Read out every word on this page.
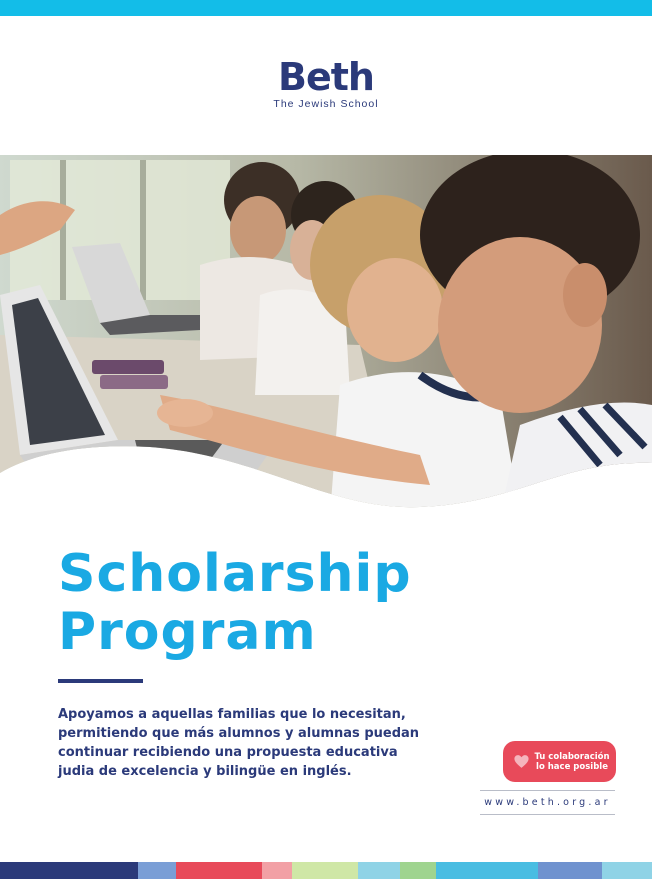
Beth
The Jewish School
Scholarship
Program

Apoyamos a aquellas familias que lo necesitan, permitiendo que más alumnos y alumnas puedan continuar recibiendo una propuesta educativa judia de excelencia y bilingüe en inglés.

Tu colaboración
lo hace posible
www.beth.org.ar
